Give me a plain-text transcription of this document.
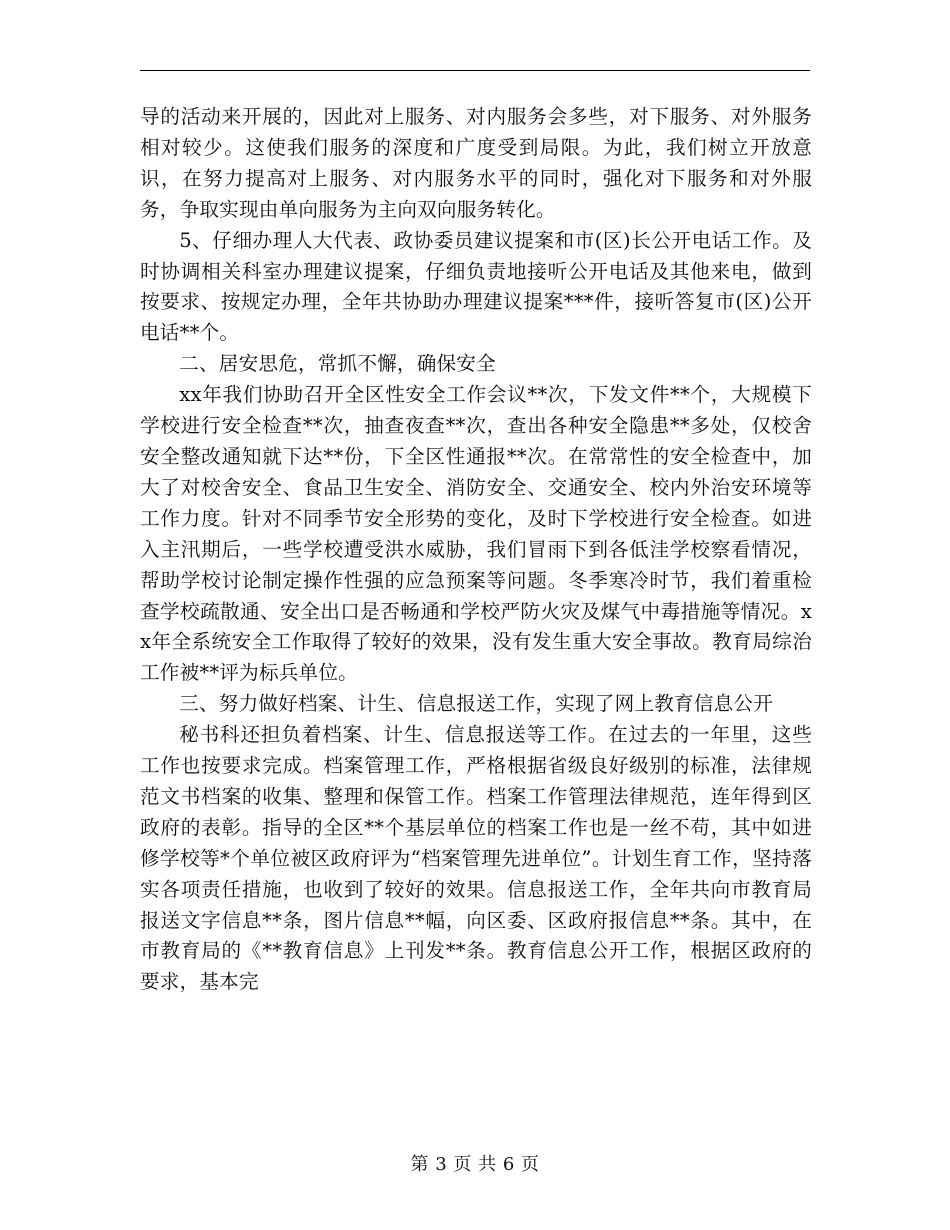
导的活动来开展的，因此对上服务、对内服务会多些，对下服务、对外服务相对较少。这使我们服务的深度和广度受到局限。为此，我们树立开放意识，在努力提高对上服务、对内服务水平的同时，强化对下服务和对外服务，争取实现由单向服务为主向双向服务转化。

5、仔细办理人大代表、政协委员建议提案和市(区)长公开电话工作。及时协调相关科室办理建议提案，仔细负责地接听公开电话及其他来电，做到按要求、按规定办理，全年共协助办理建议提案***件，接听答复市(区)公开电话**个。

二、居安思危，常抓不懈，确保安全

xx年我们协助召开全区性安全工作会议**次，下发文件**个，大规模下学校进行安全检查**次，抽查夜查**次，查出各种安全隐患**多处，仅校舍安全整改通知就下达**份，下全区性通报**次。在常常性的安全检查中，加大了对校舍安全、食品卫生安全、消防安全、交通安全、校内外治安环境等工作力度。针对不同季节安全形势的变化，及时下学校进行安全检查。如进入主汛期后，一些学校遭受洪水威胁，我们冒雨下到各低洼学校察看情况，帮助学校讨论制定操作性强的应急预案等问题。冬季寒冷时节，我们着重检查学校疏散通、安全出口是否畅通和学校严防火灾及煤气中毒措施等情况。xx年全系统安全工作取得了较好的效果，没有发生重大安全事故。教育局综治工作被**评为标兵单位。

三、努力做好档案、计生、信息报送工作，实现了网上教育信息公开

秘书科还担负着档案、计生、信息报送等工作。在过去的一年里，这些工作也按要求完成。档案管理工作，严格根据省级良好级别的标准，法律规范文书档案的收集、整理和保管工作。档案工作管理法律规范，连年得到区政府的表彰。指导的全区**个基层单位的档案工作也是一丝不苟，其中如进修学校等*个单位被区政府评为“档案管理先进单位”。计划生育工作，坚持落实各项责任措施，也收到了较好的效果。信息报送工作，全年共向市教育局报送文字信息**条，图片信息**幅，向区委、区政府报信息**条。其中，在市教育局的《**教育信息》上刊发**条。教育信息公开工作，根据区政府的要求，基本完

第 3 页 共 6 页
